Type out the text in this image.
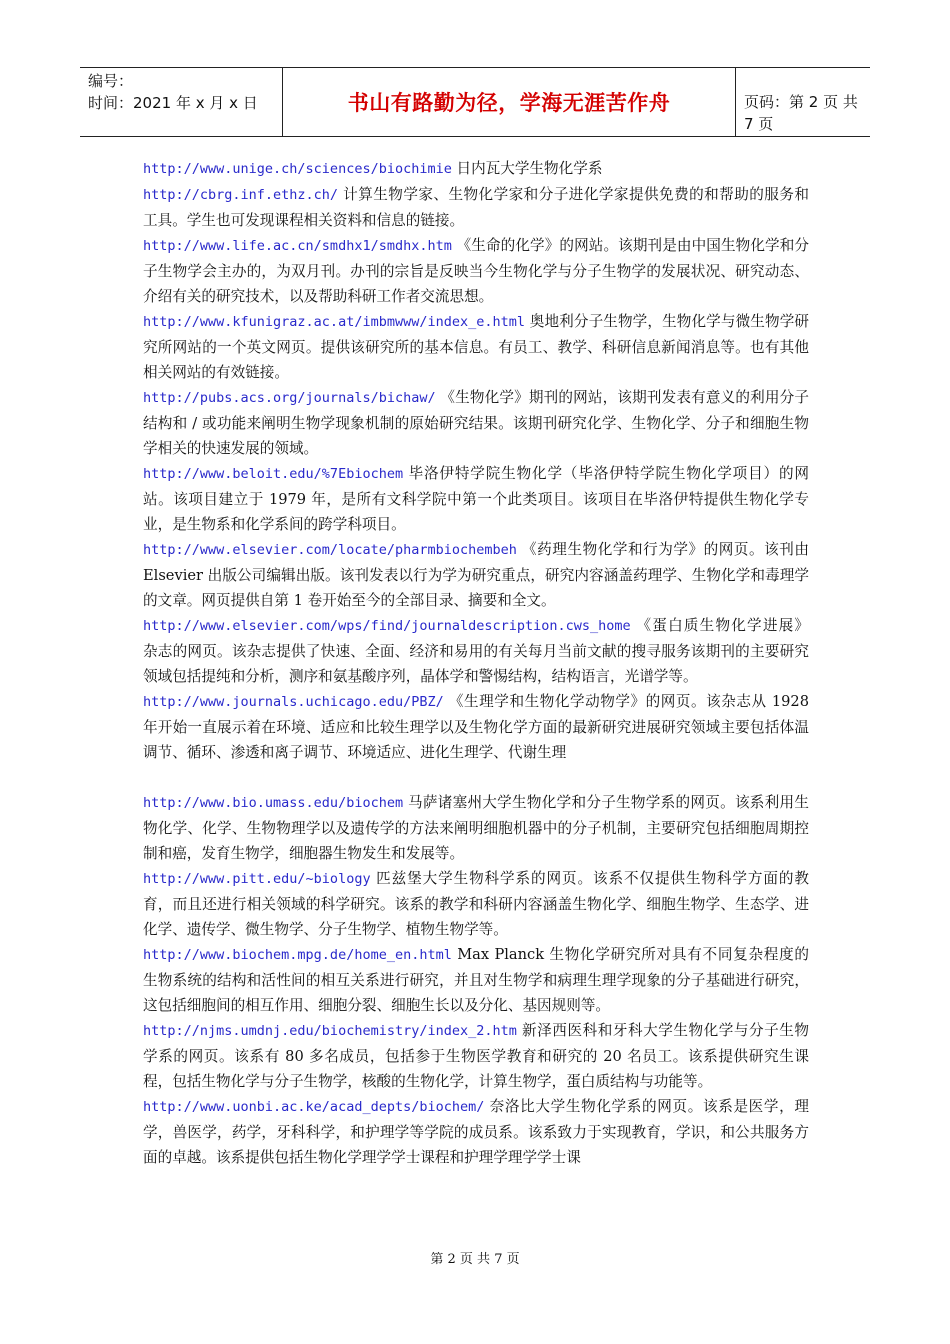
编号：
时间：2021 年 x 月 x 日	书山有路勤为径，学海无涯苦作舟	页码：第 2 页 共 7 页
http://www.unige.ch/sciences/biochimie 日内瓦大学生物化学系
http://cbrg.inf.ethz.ch/ 计算生物学家、生物化学家和分子进化学家提供免费的和帮助的服务和工具。学生也可发现课程相关资料和信息的链接。
http://www.life.ac.cn/smdhx1/smdhx.htm 《生命的化学》的网站。该期刊是由中国生物化学和分子生物学会主办的，为双月刊。办刊的宗旨是反映当今生物化学与分子生物学的发展状况、研究动态、介绍有关的研究技术，以及帮助科研工作者交流思想。
http://www.kfunigraz.ac.at/imbmwww/index_e.html 奥地利分子生物学，生物化学与微生物学研究所网站的一个英文网页。提供该研究所的基本信息。有员工、教学、科研信息新闻消息等。也有其他相关网站的有效链接。
http://pubs.acs.org/journals/bichaw/ 《生物化学》期刊的网站，该期刊发表有意义的利用分子结构和 / 或功能来阐明生物学现象机制的原始研究结果。该期刊研究化学、生物化学、分子和细胞生物学相关的快速发展的领域。
http://www.beloit.edu/%7Ebiochem 毕洛伊特学院生物化学（毕洛伊特学院生物化学项目）的网站。该项目建立于 1979 年，是所有文科学院中第一个此类项目。该项目在毕洛伊特提供生物化学专业，是生物系和化学系间的跨学科项目。
http://www.elsevier.com/locate/pharmbiochembeh 《药理生物化学和行为学》的网页。该刊由 Elsevier 出版公司编辑出版。该刊发表以行为学为研究重点，研究内容涵盖药理学、生物化学和毒理学的文章。网页提供自第 1 卷开始至今的全部目录、摘要和全文。
http://www.elsevier.com/wps/find/journaldescription.cws_home 《蛋白质生物化学进展》杂志的网页。该杂志提供了快速、全面、经济和易用的有关每月当前文献的搜寻服务该期刊的主要研究领域包括提纯和分析，测序和氨基酸序列，晶体学和警惕结构，结构语言，光谱学等。
http://www.journals.uchicago.edu/PBZ/ 《生理学和生物化学动物学》的网页。该杂志从 1928 年开始一直展示着在环境、适应和比较生理学以及生物化学方面的最新研究进展研究领域主要包括体温调节、循环、渗透和离子调节、环境适应、进化生理学、代谢生理
http://www.bio.umass.edu/biochem 马萨诸塞州大学生物化学和分子生物学系的网页。该系利用生物化学、化学、生物物理学以及遗传学的方法来阐明细胞机器中的分子机制，主要研究包括细胞周期控制和癌，发育生物学，细胞器生物发生和发展等。
http://www.pitt.edu/~biology 匹兹堡大学生物科学系的网页。该系不仅提供生物科学方面的教育，而且还进行相关领域的科学研究。该系的教学和科研内容涵盖生物化学、细胞生物学、生态学、进化学、遗传学、微生物学、分子生物学、植物生物学等。
http://www.biochem.mpg.de/home_en.html Max Planck 生物化学研究所对具有不同复杂程度的生物系统的结构和活性间的相互关系进行研究，并且对生物学和病理生理学现象的分子基础进行研究，这包括细胞间的相互作用、细胞分裂、细胞生长以及分化、基因规则等。
http://njms.umdnj.edu/biochemistry/index_2.htm 新泽西医科和牙科大学生物化学与分子生物学系的网页。该系有 80 多名成员，包括参于生物医学教育和研究的 20 名员工。该系提供研究生课程，包括生物化学与分子生物学，核酸的生物化学，计算生物学，蛋白质结构与功能等。
http://www.uonbi.ac.ke/acad_depts/biochem/ 奈洛比大学生物化学系的网页。该系是医学，理学，兽医学，药学，牙科科学，和护理学等学院的成员系。该系致力于实现教育，学识，和公共服务方面的卓越。该系提供包括生物化学理学学士课程和护理学理学学士课
第 2 页 共 7 页
